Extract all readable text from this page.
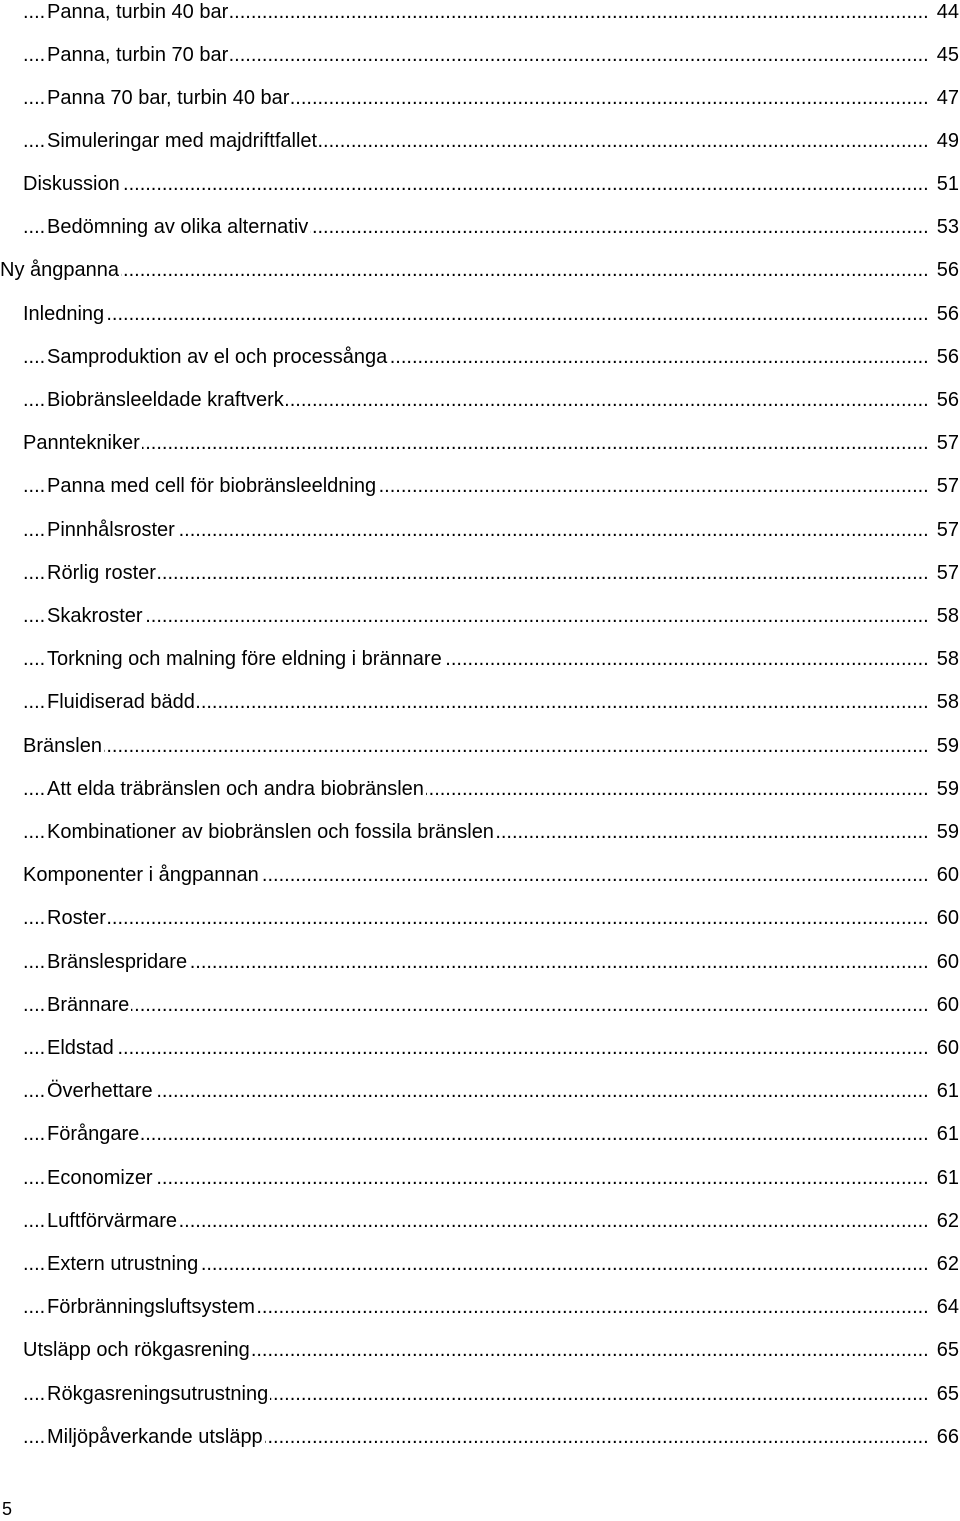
Panna, turbin 40 bar .....	44
Panna, turbin 70 bar .....	45
Panna 70 bar, turbin 40 bar .....	47
Simuleringar med majdriftfallet .....	49
Diskussion .....	51
Bedömning av olika alternativ .....	53
Ny ångpanna .....	56
Inledning .....	56
Samproduktion av el och processånga .....	56
Biobränsleeldade kraftverk .....	56
Panntekniker .....	57
Panna med cell för biobränsleeldning .....	57
Pinnhålsroster .....	57
Rörlig roster .....	57
Skakroster .....	58
Torkning och malning före eldning i brännare .....	58
Fluidiserad bädd .....	58
Bränslen .....	59
Att elda träbränslen och andra biobränslen .....	59
Kombinationer av biobränslen och fossila bränslen .....	59
Komponenter i ångpannan .....	60
Roster .....	60
Bränslespridare .....	60
Brännare .....	60
Eldstad .....	60
Överhettare .....	61
Förångare .....	61
Economizer .....	61
Luftförvärmare .....	62
Extern utrustning .....	62
Förbränningsluftsystem .....	64
Utsläpp och rökgasrening .....	65
Rökgasreningsutrustning .....	65
Miljöpåverkande utsläpp .....	66
5
